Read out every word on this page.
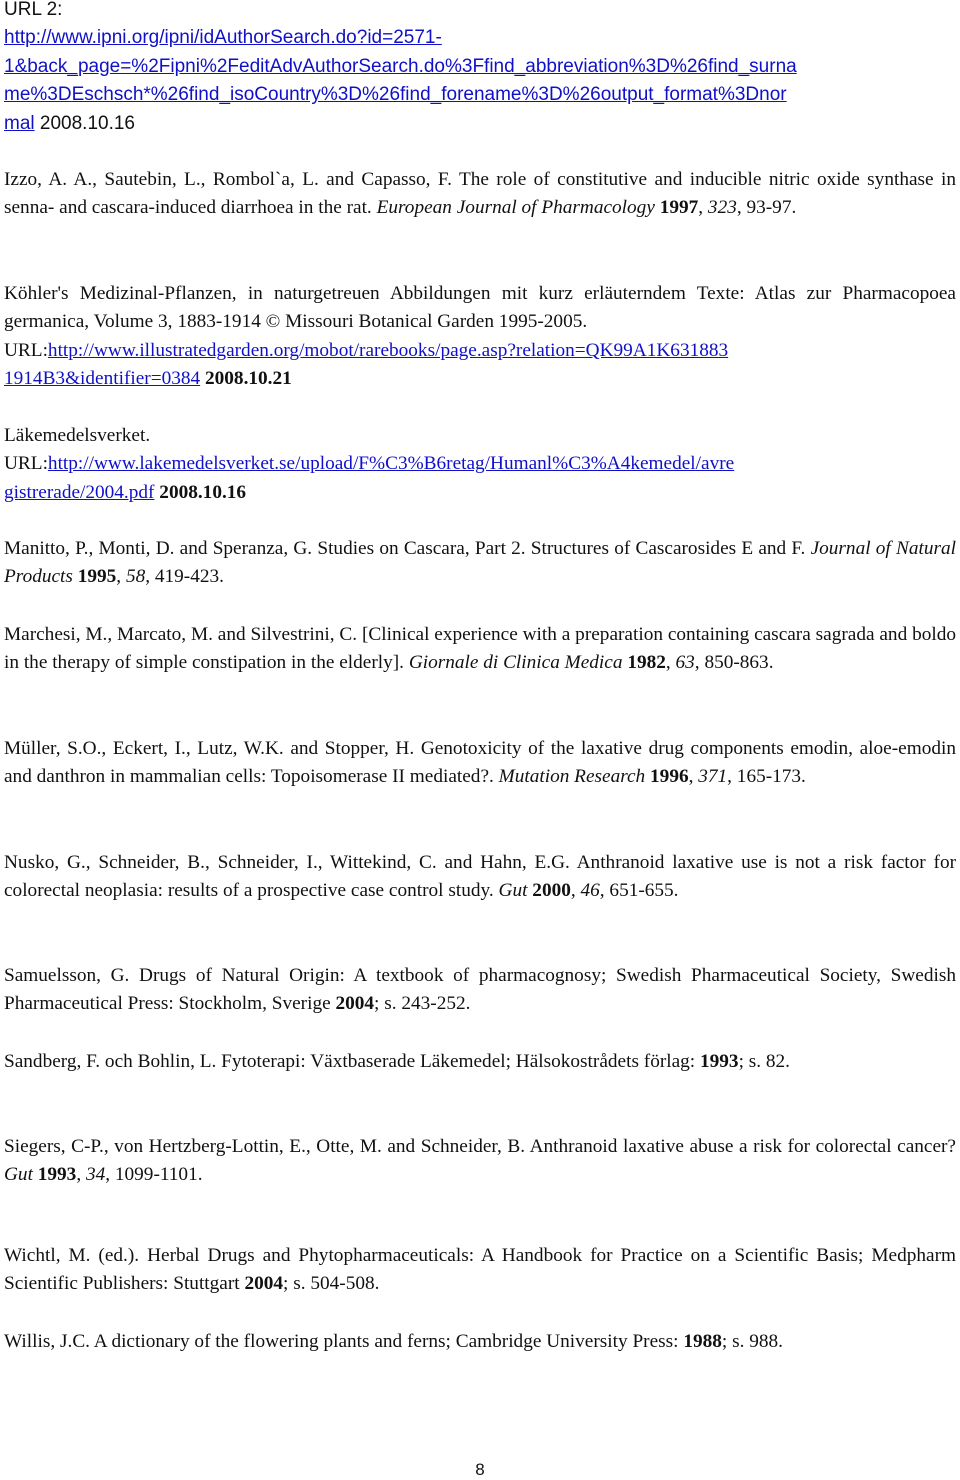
URL 2:
http://www.ipni.org/ipni/idAuthorSearch.do?id=2571-
1&back_page=%2Fipni%2FeditAdvAuthorSearch.do%3Ffind_abbreviation%3D%26find_surna
me%3DEschsch*%26find_isoCountry%3D%26find_forename%3D%26output_format%3Dnor
mal 2008.10.16
Izzo, A. A., Sautebin, L., Rombol`a, L. and Capasso, F. The role of constitutive and inducible nitric oxide synthase in senna- and cascara-induced diarrhoea in the rat. European Journal of Pharmacology 1997, 323, 93-97.
Köhler's Medizinal-Pflanzen, in naturgetreuen Abbildungen mit kurz erläuterndem Texte: Atlas zur Pharmacopoea germanica, Volume 3, 1883-1914 © Missouri Botanical Garden 1995-2005.
URL:http://www.illustratedgarden.org/mobot/rarebooks/page.asp?relation=QK99A1K631883
1914B3&identifier=0384 2008.10.21
Läkemedelsverket.
URL:http://www.lakemedelsverket.se/upload/F%C3%B6retag/Humanl%C3%A4kemedel/avre
gistrerade/2004.pdf 2008.10.16
Manitto, P., Monti, D. and Speranza, G. Studies on Cascara, Part 2. Structures of Cascarosides E and F. Journal of Natural Products 1995, 58, 419-423.
Marchesi, M., Marcato, M. and Silvestrini, C. [Clinical experience with a preparation containing cascara sagrada and boldo in the therapy of simple constipation in the elderly]. Giornale di Clinica Medica 1982, 63, 850-863.
Müller, S.O., Eckert, I., Lutz, W.K. and Stopper, H. Genotoxicity of the laxative drug components emodin, aloe-emodin and danthron in mammalian cells: Topoisomerase II mediated?. Mutation Research 1996, 371, 165-173.
Nusko, G., Schneider, B., Schneider, I., Wittekind, C. and Hahn, E.G. Anthranoid laxative use is not a risk factor for colorectal neoplasia: results of a prospective case control study. Gut 2000, 46, 651-655.
Samuelsson, G. Drugs of Natural Origin: A textbook of pharmacognosy; Swedish Pharmaceutical Society, Swedish Pharmaceutical Press: Stockholm, Sverige 2004; s. 243-252.
Sandberg, F. och Bohlin, L. Fytoterapi: Växtbaserade Läkemedel; Hälsokostrådets förlag: 1993; s. 82.
Siegers, C-P., von Hertzberg-Lottin, E., Otte, M. and Schneider, B. Anthranoid laxative abuse a risk for colorectal cancer? Gut 1993, 34, 1099-1101.
Wichtl, M. (ed.). Herbal Drugs and Phytopharmaceuticals: A Handbook for Practice on a Scientific Basis; Medpharm Scientific Publishers: Stuttgart 2004; s. 504-508.
Willis, J.C. A dictionary of the flowering plants and ferns; Cambridge University Press: 1988; s. 988.
8
